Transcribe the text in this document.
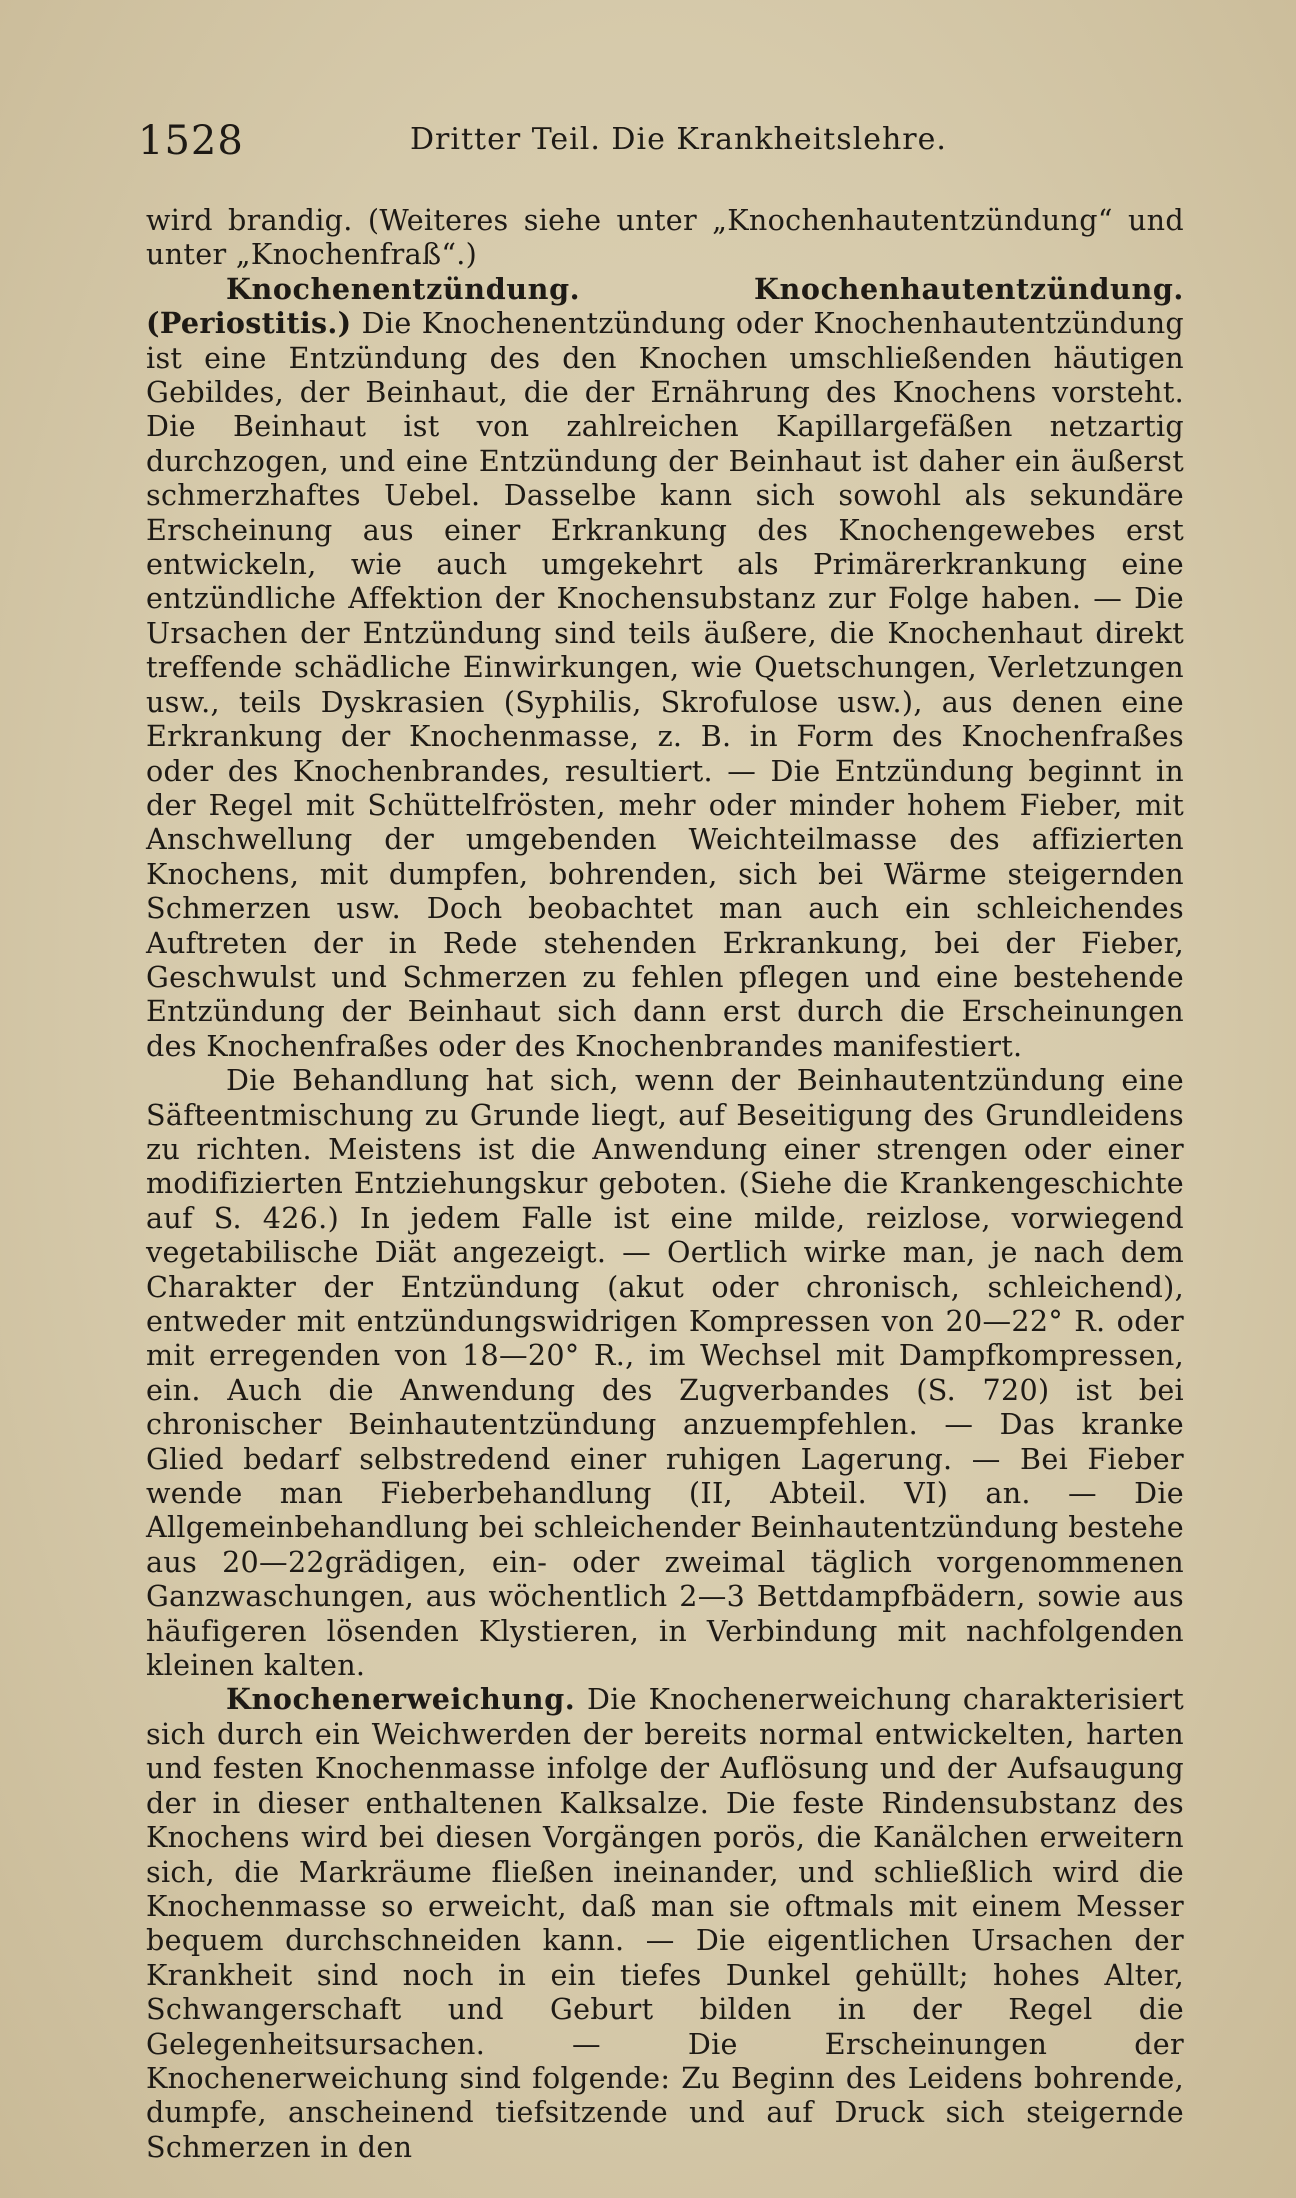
1528	Dritter Teil. Die Krankheitslehre.

wird brandig. (Weiteres siehe unter „Knochenhautentzündung“ und unter „Knochenfraß“.)

Knochenentzündung. Knochenhautentzündung. (Periostitis.) Die Knochenentzündung oder Knochenhautentzündung ist eine Entzündung des den Knochen umschließenden häutigen Gebildes, der Beinhaut, die der Ernährung des Knochens vorsteht. Die Beinhaut ist von zahlreichen Kapillargefäßen netzartig durchzogen, und eine Entzündung der Beinhaut ist daher ein äußerst schmerzhaftes Uebel. Dasselbe kann sich sowohl als sekundäre Erscheinung aus einer Erkrankung des Knochengewebes erst entwickeln, wie auch umgekehrt als Primärerkrankung eine entzündliche Affektion der Knochensubstanz zur Folge haben. — Die Ursachen der Entzündung sind teils äußere, die Knochenhaut direkt treffende schädliche Einwirkungen, wie Quetschungen, Verletzungen usw., teils Dyskrasien (Syphilis, Skrofulose usw.), aus denen eine Erkrankung der Knochenmasse, z. B. in Form des Knochenfraßes oder des Knochenbrandes, resultiert. — Die Entzündung beginnt in der Regel mit Schüttelfrösten, mehr oder minder hohem Fieber, mit Anschwellung der umgebenden Weichteilmasse des affizierten Knochens, mit dumpfen, bohrenden, sich bei Wärme steigernden Schmerzen usw. Doch beobachtet man auch ein schleichendes Auftreten der in Rede stehenden Erkrankung, bei der Fieber, Geschwulst und Schmerzen zu fehlen pflegen und eine bestehende Entzündung der Beinhaut sich dann erst durch die Erscheinungen des Knochenfraßes oder des Knochenbrandes manifestiert.

Die Behandlung hat sich, wenn der Beinhautentzündung eine Säfteentmischung zu Grunde liegt, auf Beseitigung des Grundleidens zu richten. Meistens ist die Anwendung einer strengen oder einer modifizierten Entziehungskur geboten. (Siehe die Krankengeschichte auf S. 426.) In jedem Falle ist eine milde, reizlose, vorwiegend vegetabilische Diät angezeigt. — Oertlich wirke man, je nach dem Charakter der Entzündung (akut oder chronisch, schleichend), entweder mit entzündungswidrigen Kompressen von 20—22° R. oder mit erregenden von 18—20° R., im Wechsel mit Dampfkompressen, ein. Auch die Anwendung des Zugverbandes (S. 720) ist bei chronischer Beinhautentzündung anzuempfehlen. — Das kranke Glied bedarf selbstredend einer ruhigen Lagerung. — Bei Fieber wende man Fieberbehandlung (II, Abteil. VI) an. — Die Allgemeinbehandlung bei schleichender Beinhautentzündung bestehe aus 20—22grädigen, ein- oder zweimal täglich vorgenommenen Ganzwaschungen, aus wöchentlich 2—3 Bettdampfbädern, sowie aus häufigeren lösenden Klystieren, in Verbindung mit nachfolgenden kleinen kalten.

Knochenerweichung. Die Knochenerweichung charakterisiert sich durch ein Weichwerden der bereits normal entwickelten, harten und festen Knochenmasse infolge der Auflösung und der Aufsaugung der in dieser enthaltenen Kalksalze. Die feste Rindensubstanz des Knochens wird bei diesen Vorgängen porös, die Kanälchen erweitern sich, die Markräume fließen ineinander, und schließlich wird die Knochenmasse so erweicht, daß man sie oftmals mit einem Messer bequem durchschneiden kann. — Die eigentlichen Ursachen der Krankheit sind noch in ein tiefes Dunkel gehüllt; hohes Alter, Schwangerschaft und Geburt bilden in der Regel die Gelegenheitsursachen. — Die Erscheinungen der Knochenerweichung sind folgende: Zu Beginn des Leidens bohrende, dumpfe, anscheinend tiefsitzende und auf Druck sich steigernde Schmerzen in den
